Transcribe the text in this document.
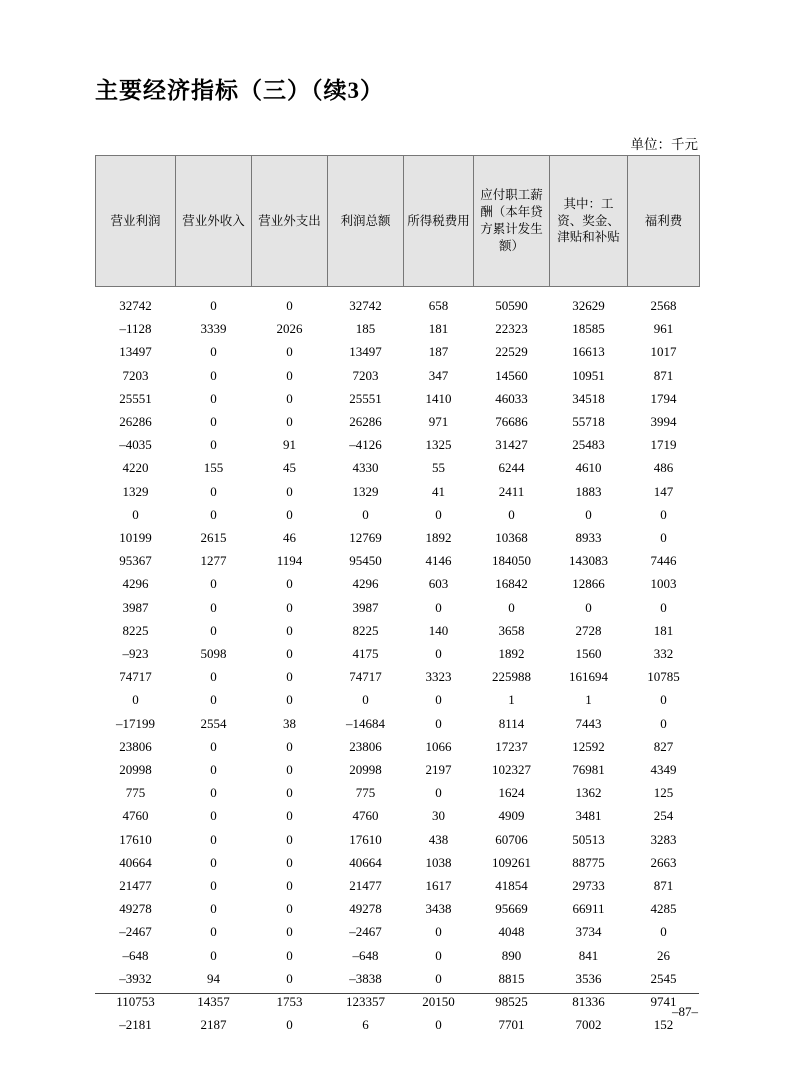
主要经济指标（三）（续3）
单位：千元
营业利润	营业外收入	营业外支出	利润总额	所得税费用	应付职工薪酬（本年贷方累计发生额）	其中：工资、奖金、津贴和补贴	福利费
32742	0	0	32742	658	50590	32629	2568
–1128	3339	2026	185	181	22323	18585	961
13497	0	0	13497	187	22529	16613	1017
7203	0	0	7203	347	14560	10951	871
25551	0	0	25551	1410	46033	34518	1794
26286	0	0	26286	971	76686	55718	3994
–4035	0	91	–4126	1325	31427	25483	1719
4220	155	45	4330	55	6244	4610	486
1329	0	0	1329	41	2411	1883	147
0	0	0	0	0	0	0	0
10199	2615	46	12769	1892	10368	8933	0
95367	1277	1194	95450	4146	184050	143083	7446
4296	0	0	4296	603	16842	12866	1003
3987	0	0	3987	0	0	0	0
8225	0	0	8225	140	3658	2728	181
–923	5098	0	4175	0	1892	1560	332
74717	0	0	74717	3323	225988	161694	10785
0	0	0	0	0	1	1	0
–17199	2554	38	–14684	0	8114	7443	0
23806	0	0	23806	1066	17237	12592	827
20998	0	0	20998	2197	102327	76981	4349
775	0	0	775	0	1624	1362	125
4760	0	0	4760	30	4909	3481	254
17610	0	0	17610	438	60706	50513	3283
40664	0	0	40664	1038	109261	88775	2663
21477	0	0	21477	1617	41854	29733	871
49278	0	0	49278	3438	95669	66911	4285
–2467	0	0	–2467	0	4048	3734	0
–648	0	0	–648	0	890	841	26
–3932	94	0	–3838	0	8815	3536	2545
110753	14357	1753	123357	20150	98525	81336	9741
–2181	2187	0	6	0	7701	7002	152
–87–
